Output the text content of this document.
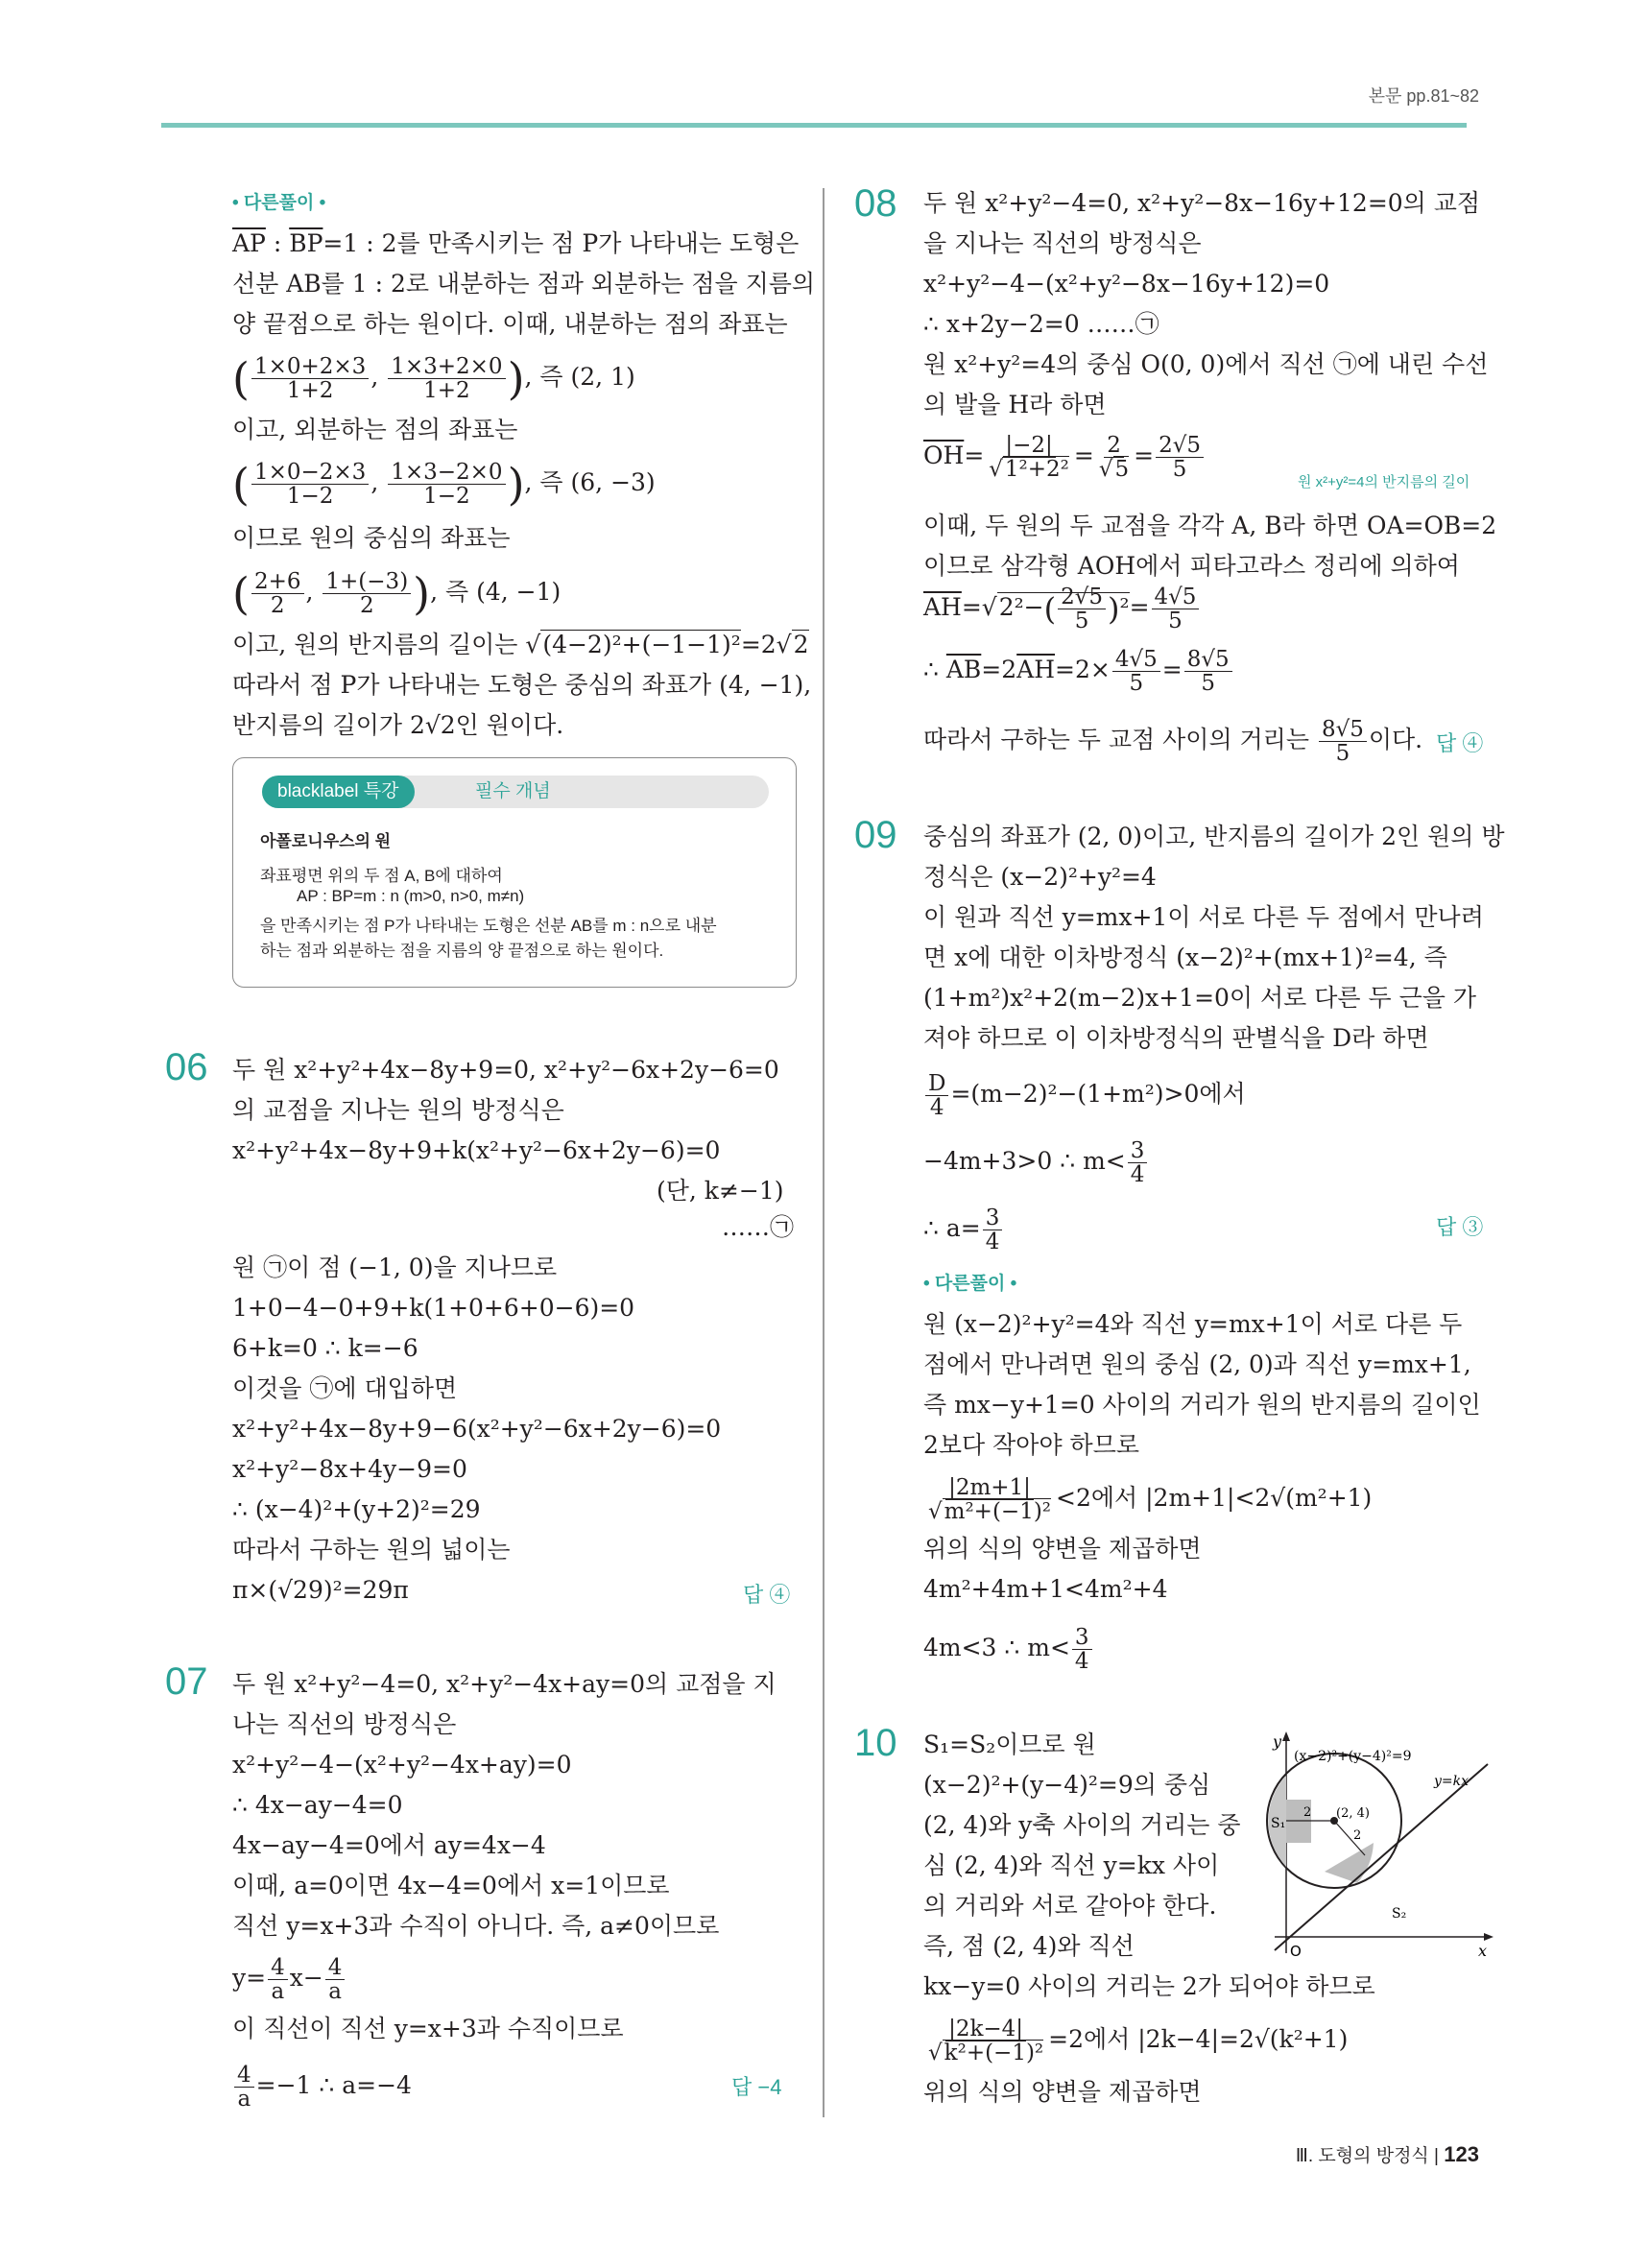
본문 pp.81~82
• 다른풀이 •
$\overline{AP}$ : $\overline{BP}=1$ : 2를 만족시키는 점 P가 나타내는 도형은
선분 AB를 1 : 2로 내분하는 점과 외분하는 점을 지름의
양 끝점으로 하는 원이다. 이때, 내분하는 점의 좌표는
( $\frac{1\times 0+2\times 3}{1+2}$ , $\frac{1\times 3+2\times 0}{1+2}$ ), 즉 (2, 1)
이고, 외분하는 점의 좌표는
( $\frac{1\times 0-2\times 3}{1-2}$ , $\frac{1\times 3-2\times 0}{1-2}$ ), 즉 (6, −3)
이므로 원의 중심의 좌표는
( $\frac{2+6}{2}$ , $\frac{1+(-3)}{2}$ ), 즉 (4, −1)
이고, 원의 반지름의 길이는 √(4−2)²+(−1−1)²=2√2
따라서 점 P가 나타내는 도형은 중심의 좌표가 (4, −1),
반지름의 길이가 2√2인 원이다.
blacklabel 특강	필수 개념
아폴로니우스의 원
좌표평면 위의 두 점 A, B에 대하여
AP : BP=m : n (m>0, n>0, m≠n)
을 만족시키는 점 P가 나타내는 도형은 선분 AB를 m : n으로 내분
하는 점과 외분하는 점을 지름의 양 끝점으로 하는 원이다.
06 두 원 x²+y²+4x−8y+9=0, x²+y²−6x+2y−6=0
의 교점을 지나는 원의 방정식은
x²+y²+4x−8y+9+k(x²+y²−6x+2y−6)=0
(단, k≠−1)
……㉠
원 ㉠이 점 (−1, 0)을 지나므로
1+0−4−0+9+k(1+0+6+0−6)=0
6+k=0 ∴ k=−6
이것을 ㉠에 대입하면
x²+y²+4x−8y+9−6(x²+y²−6x+2y−6)=0
x²+y²−8x+4y−9=0
∴ (x−4)²+(y+2)²=29
따라서 구하는 원의 넓이는
π×(√29)²=29π	답 ④
07 두 원 x²+y²−4=0, x²+y²−4x+ay=0의 교점을 지
나는 직선의 방정식은
x²+y²−4−(x²+y²−4x+ay)=0
∴ 4x−ay−4=0
4x−ay−4=0에서 ay=4x−4
이때, a=0이면 4x−4=0에서 x=1이므로
직선 y=x+3과 수직이 아니다. 즉, a≠0이므로
$y= \frac{4}{a} x- \frac{4}{a}$
이 직선이 직선 y=x+3과 수직이므로
$\frac{4}{a} =-1$ ∴ a=−4	답 −4
08 두 원 x²+y²−4=0, x²+y²−8x−16y+12=0의 교점
을 지나는 직선의 방정식은
x²+y²−4−(x²+y²−8x−16y+12)=0
∴ x+2y−2=0 ……㉠
원 x²+y²=4의 중심 O(0, 0)에서 직선 ㉠에 내린 수선
의 발을 H라 하면
$\overline{OH}= \frac{|-2|}{\text{√1²+2²}} = \frac{2}{√5} = \frac{2√5}{5}$
이때, 두 원의 두 교점을 각각 A, B라 하면 OA=OB=2
이므로 삼각형 AOH에서 피타고라스 정리에 의하여
$\overline{AH}=√2^2-( \frac{2√5}{5} )^2= \frac{4√5}{5}$
∴ $\overline{AB}=2\overline{AH}=2\times \frac{4√5}{5} = \frac{8√5}{5}$
따라서 구하는 두 교점 사이의 거리는 $\frac{8√5}{5}$ 이다.
원 x²+y²=4의 반지름의 길이
답 ④
09 중심의 좌표가 (2, 0)이고, 반지름의 길이가 2인 원의 방
정식은 (x−2)²+y²=4
이 원과 직선 y=mx+1이 서로 다른 두 점에서 만나려
면 x에 대한 이차방정식 (x−2)²+(mx+1)²=4, 즉
(1+m²)x²+2(m−2)x+1=0이 서로 다른 두 근을 가
져야 하므로 이 이차방정식의 판별식을 D라 하면
$\frac{D}{4} =(m-2)^2-(1+m^2)>0$에서
−4m+3>0 ∴ $m< \frac{3}{4}$
∴ $a= \frac{3}{4}$
• 다른풀이 •
원 (x−2)²+y²=4와 직선 y=mx+1이 서로 다른 두
점에서 만나려면 원의 중심 (2, 0)과 직선 y=mx+1,
즉 mx−y+1=0 사이의 거리가 원의 반지름의 길이인
2보다 작아야 하므로
$\frac{|2m+1|}{\text{√m²+(−1)²}} <2$에서 |2m+1|<2√(m²+1)
위의 식의 양변을 제곱하면
4m²+4m+1<4m²+4
4m<3 ∴ $m< \frac{3}{4}$
답 ③
10 S₁=S₂이므로 원
(x−2)²+(y−4)²=9의 중심
(2, 4)와 y축 사이의 거리는 중
심 (2, 4)와 직선 y=kx 사이
의 거리와 서로 같아야 한다.
즉, 점 (2, 4)와 직선
kx−y=0 사이의 거리는 2가 되어야 하므로
$\frac{|2k-4|}{\text{√k²+(−1)²}} =2$에서 |2k−4|=2√(k²+1)
위의 식의 양변을 제곱하면
y
x
O
(x−2)²+(y−4)²=9
y=kx
(2, 4)
2
2
S₁
S₂
Ⅲ. 도형의 방정식 | 123
